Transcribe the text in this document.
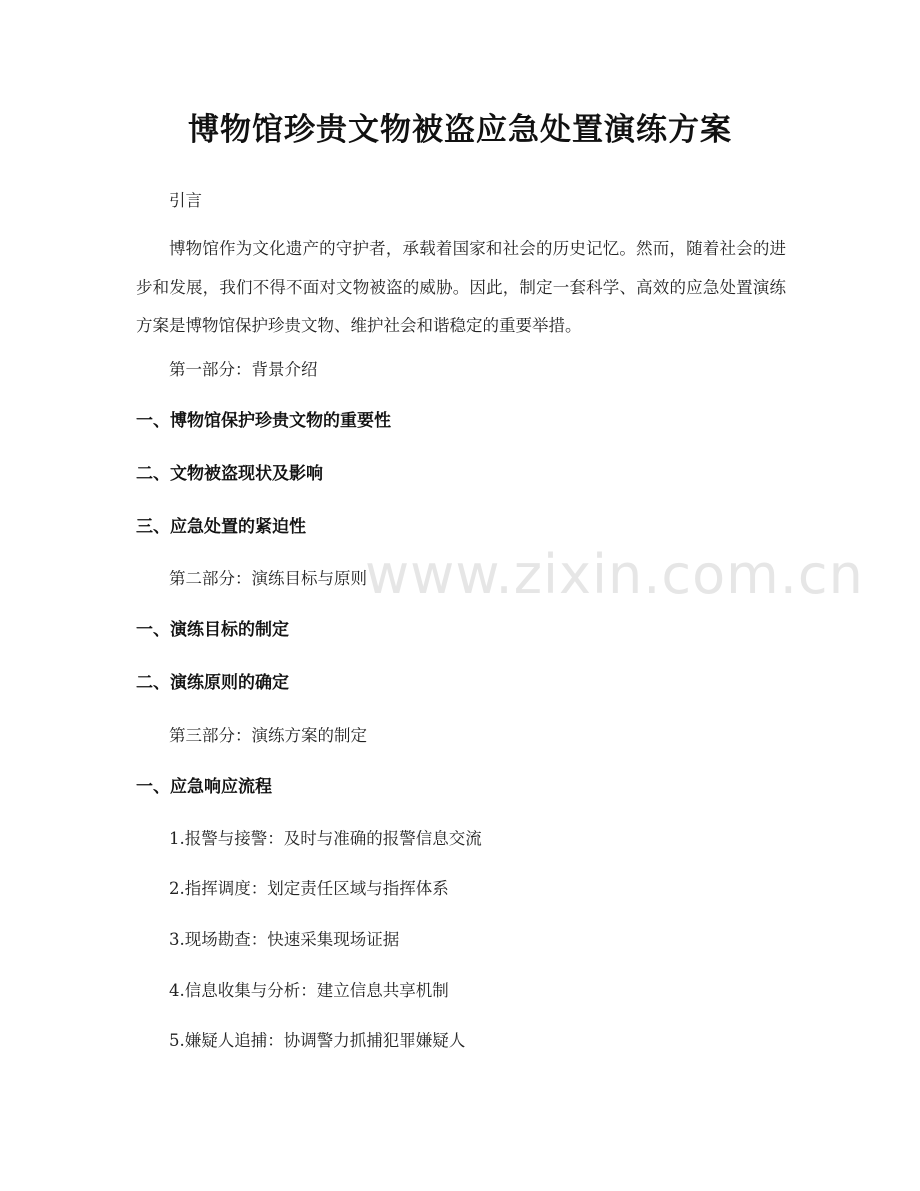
博物馆珍贵文物被盗应急处置演练方案
引言
博物馆作为文化遗产的守护者，承载着国家和社会的历史记忆。然而，随着社会的进步和发展，我们不得不面对文物被盗的威胁。因此，制定一套科学、高效的应急处置演练方案是博物馆保护珍贵文物、维护社会和谐稳定的重要举措。
第一部分：背景介绍
一、博物馆保护珍贵文物的重要性
二、文物被盗现状及影响
三、应急处置的紧迫性
第二部分：演练目标与原则
一、演练目标的制定
二、演练原则的确定
第三部分：演练方案的制定
一、应急响应流程
1.报警与接警：及时与准确的报警信息交流
2.指挥调度：划定责任区域与指挥体系
3.现场勘查：快速采集现场证据
4.信息收集与分析：建立信息共享机制
5.嫌疑人追捕：协调警力抓捕犯罪嫌疑人
www.zixin.com.cn
